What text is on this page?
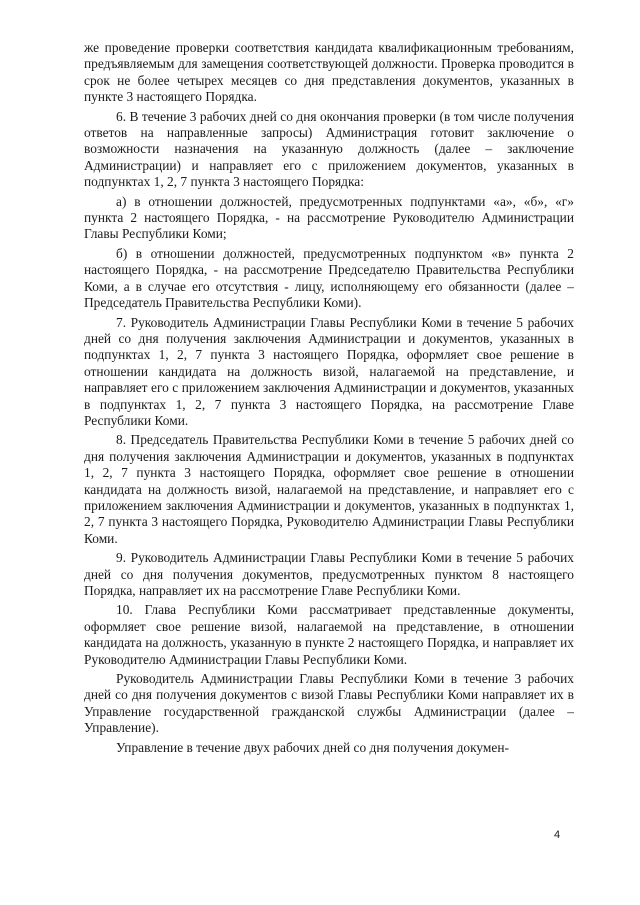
же проведение проверки соответствия кандидата квалификационным требованиям, предъявляемым для замещения соответствующей должности. Проверка проводится в срок не более четырех месяцев со дня представления документов, указанных в пункте 3 настоящего Порядка.

6. В течение 3 рабочих дней со дня окончания проверки (в том числе получения ответов на направленные запросы) Администрация готовит заключение о возможности назначения на указанную должность (далее – заключение Администрации) и направляет его с приложением документов, указанных в подпунктах 1, 2, 7 пункта 3 настоящего Порядка:

а) в отношении должностей, предусмотренных подпунктами «а», «б», «г» пункта 2 настоящего Порядка, - на рассмотрение Руководителю Администрации Главы Республики Коми;

б) в отношении должностей, предусмотренных подпунктом «в» пункта 2 настоящего Порядка, - на рассмотрение Председателю Правительства Республики Коми, а в случае его отсутствия - лицу, исполняющему его обязанности (далее – Председатель Правительства Республики Коми).

7. Руководитель Администрации Главы Республики Коми в течение 5 рабочих дней со дня получения заключения Администрации и документов, указанных в подпунктах 1, 2, 7 пункта 3 настоящего Порядка, оформляет свое решение в отношении кандидата на должность визой, налагаемой на представление, и направляет его с приложением заключения Администрации и документов, указанных в подпунктах 1, 2, 7 пункта 3 настоящего Порядка, на рассмотрение Главе Республики Коми.

8. Председатель Правительства Республики Коми в течение 5 рабочих дней со дня получения заключения Администрации и документов, указанных в подпунктах 1, 2, 7 пункта 3 настоящего Порядка, оформляет свое решение в отношении кандидата на должность визой, налагаемой на представление, и направляет его с приложением заключения Администрации и документов, указанных в подпунктах 1, 2, 7 пункта 3 настоящего Порядка, Руководителю Администрации Главы Республики Коми.

9. Руководитель Администрации Главы Республики Коми в течение 5 рабочих дней со дня получения документов, предусмотренных пунктом 8 настоящего Порядка, направляет их на рассмотрение Главе Республики Коми.

10. Глава Республики Коми рассматривает представленные документы, оформляет свое решение визой, налагаемой на представление, в отношении кандидата на должность, указанную в пункте 2 настоящего Порядка, и направляет их Руководителю Администрации Главы Республики Коми.

Руководитель Администрации Главы Республики Коми в течение 3 рабочих дней со дня получения документов с визой Главы Республики Коми направляет их в Управление государственной гражданской службы Администрации (далее – Управление).

Управление в течение двух рабочих дней со дня получения докумен-

4
